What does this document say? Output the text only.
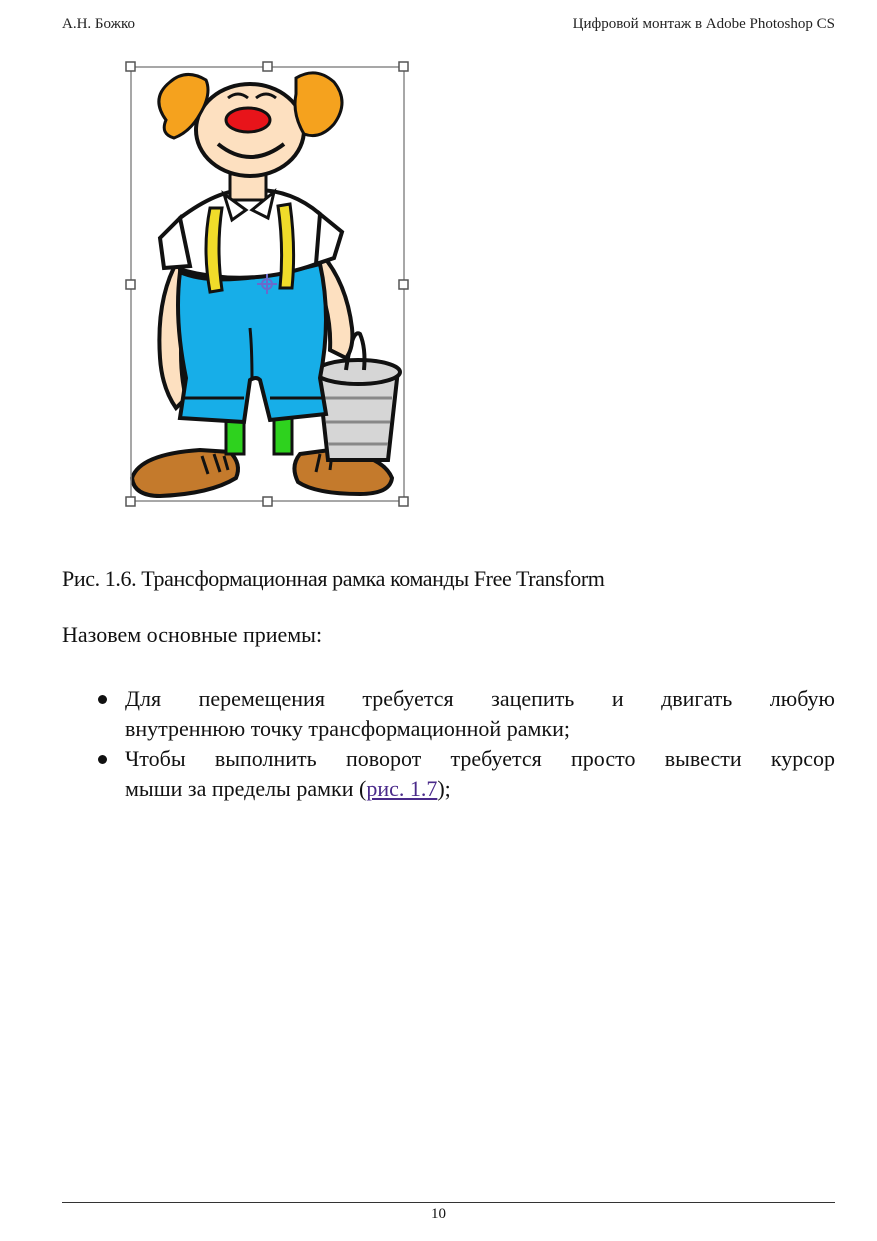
А.Н. Божко	Цифровой монтаж в Adobe Photoshop CS
Рис. 1.6. Трансформационная рамка команды Free Transform
Назовем основные приемы:
Для перемещения требуется зацепить и двигать любую
внутреннюю точку трансформационной рамки;
Чтобы выполнить поворот требуется просто вывести курсор
мыши за пределы рамки (рис. 1.7);
10
